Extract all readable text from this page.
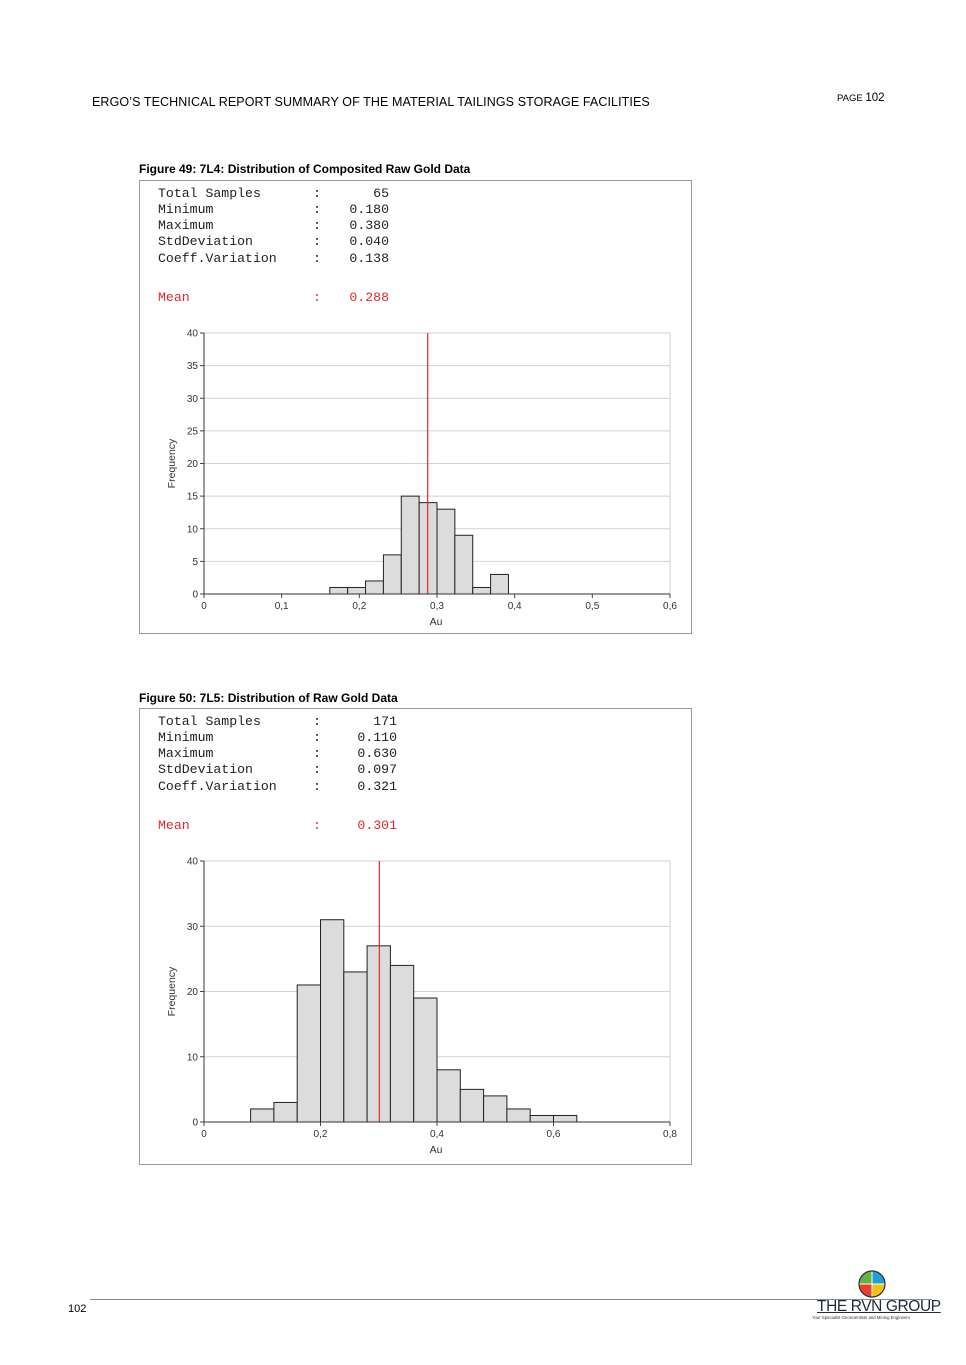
ERGO’S TECHNICAL REPORT SUMMARY OF THE MATERIAL TAILINGS STORAGE FACILITIES	PAGE 102
Figure 49: 7L4: Distribution of Composited Raw Gold Data
Total Samples	:	65
Minimum	: 0.180
Maximum	: 0.380
StdDeviation	: 0.040
Coeff.Variation	: 0.138
Mean	: 0.288
0
5
10
15
20
25
30
35
40
0	0,1	0,2	0,3	0,4	0,5	0,6
Au
Frequency
Figure 50: 7L5: Distribution of Raw Gold Data
Total Samples	:	171
Minimum	:	0.110
Maximum	:	0.630
StdDeviation	:	0.097
Coeff.Variation	:	0.321
Mean	:	0.301
0
10
20
30
40
0	0,2	0,4	0,6	0,8
Au
Frequency
102	THE RVN GROUP
Your Specialist Geoscientists and Mining Engineers
